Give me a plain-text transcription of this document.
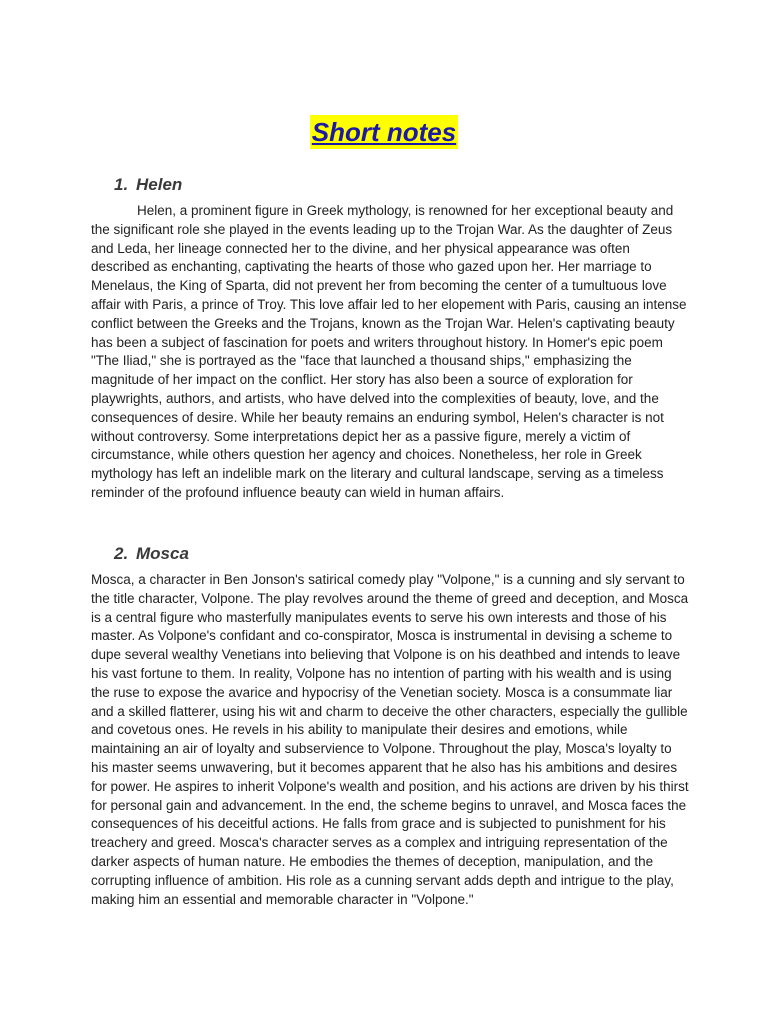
Short notes
1. Helen

Helen, a prominent figure in Greek mythology, is renowned for her exceptional beauty and the significant role she played in the events leading up to the Trojan War. As the daughter of Zeus and Leda, her lineage connected her to the divine, and her physical appearance was often described as enchanting, captivating the hearts of those who gazed upon her. Her marriage to Menelaus, the King of Sparta, did not prevent her from becoming the center of a tumultuous love affair with Paris, a prince of Troy. This love affair led to her elopement with Paris, causing an intense conflict between the Greeks and the Trojans, known as the Trojan War. Helen's captivating beauty has been a subject of fascination for poets and writers throughout history. In Homer's epic poem "The Iliad," she is portrayed as the "face that launched a thousand ships," emphasizing the magnitude of her impact on the conflict. Her story has also been a source of exploration for playwrights, authors, and artists, who have delved into the complexities of beauty, love, and the consequences of desire. While her beauty remains an enduring symbol, Helen's character is not without controversy. Some interpretations depict her as a passive figure, merely a victim of circumstance, while others question her agency and choices. Nonetheless, her role in Greek mythology has left an indelible mark on the literary and cultural landscape, serving as a timeless reminder of the profound influence beauty can wield in human affairs.

2. Mosca

Mosca, a character in Ben Jonson's satirical comedy play "Volpone," is a cunning and sly servant to the title character, Volpone. The play revolves around the theme of greed and deception, and Mosca is a central figure who masterfully manipulates events to serve his own interests and those of his master. As Volpone's confidant and co-conspirator, Mosca is instrumental in devising a scheme to dupe several wealthy Venetians into believing that Volpone is on his deathbed and intends to leave his vast fortune to them. In reality, Volpone has no intention of parting with his wealth and is using the ruse to expose the avarice and hypocrisy of the Venetian society. Mosca is a consummate liar and a skilled flatterer, using his wit and charm to deceive the other characters, especially the gullible and covetous ones. He revels in his ability to manipulate their desires and emotions, while maintaining an air of loyalty and subservience to Volpone. Throughout the play, Mosca's loyalty to his master seems unwavering, but it becomes apparent that he also has his ambitions and desires for power. He aspires to inherit Volpone's wealth and position, and his actions are driven by his thirst for personal gain and advancement. In the end, the scheme begins to unravel, and Mosca faces the consequences of his deceitful actions. He falls from grace and is subjected to punishment for his treachery and greed. Mosca's character serves as a complex and intriguing representation of the darker aspects of human nature. He embodies the themes of deception, manipulation, and the corrupting influence of ambition. His role as a cunning servant adds depth and intrigue to the play, making him an essential and memorable character in "Volpone."
